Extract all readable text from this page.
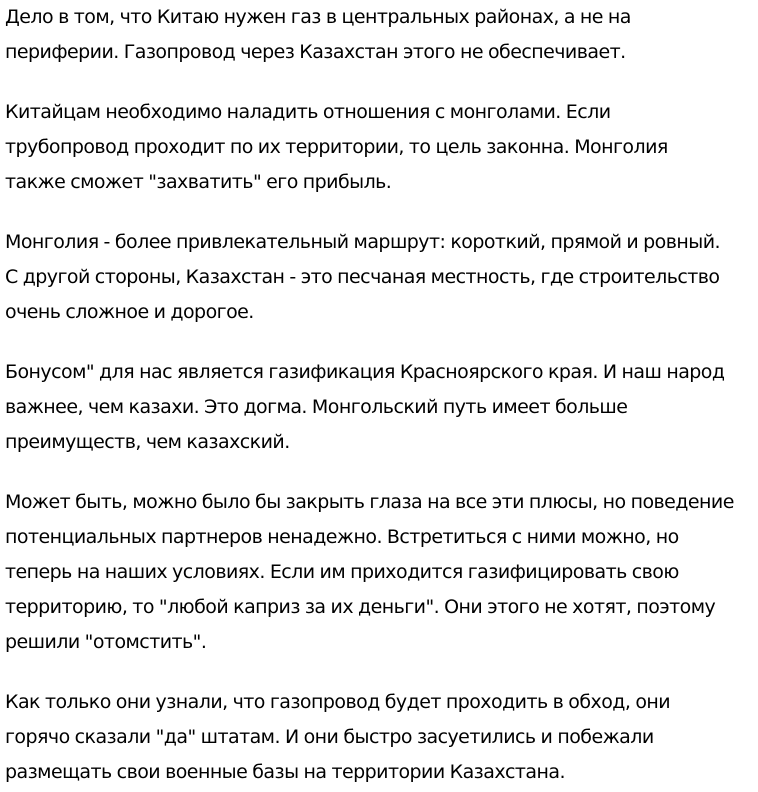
Дело в том, что Китаю нужен газ в центральных районах, а не на
периферии. Газопровод через Казахстан этого не обеспечивает.

Китайцам необходимо наладить отношения с монголами. Если
трубопровод проходит по их территории, то цель законна. Монголия
также сможет "захватить" его прибыль.

Монголия - более привлекательный маршрут: короткий, прямой и ровный.
С другой стороны, Казахстан - это песчаная местность, где строительство
очень сложное и дорогое.

Бонусом" для нас является газификация Красноярского края. И наш народ
важнее, чем казахи. Это догма. Монгольский путь имеет больше
преимуществ, чем казахский.

Может быть, можно было бы закрыть глаза на все эти плюсы, но поведение
потенциальных партнеров ненадежно. Встретиться с ними можно, но
теперь на наших условиях. Если им приходится газифицировать свою
территорию, то "любой каприз за их деньги". Они этого не хотят, поэтому
решили "отомстить".

Как только они узнали, что газопровод будет проходить в обход, они
горячо сказали "да" штатам. И они быстро засуетились и побежали
размещать свои военные базы на территории Казахстана.
